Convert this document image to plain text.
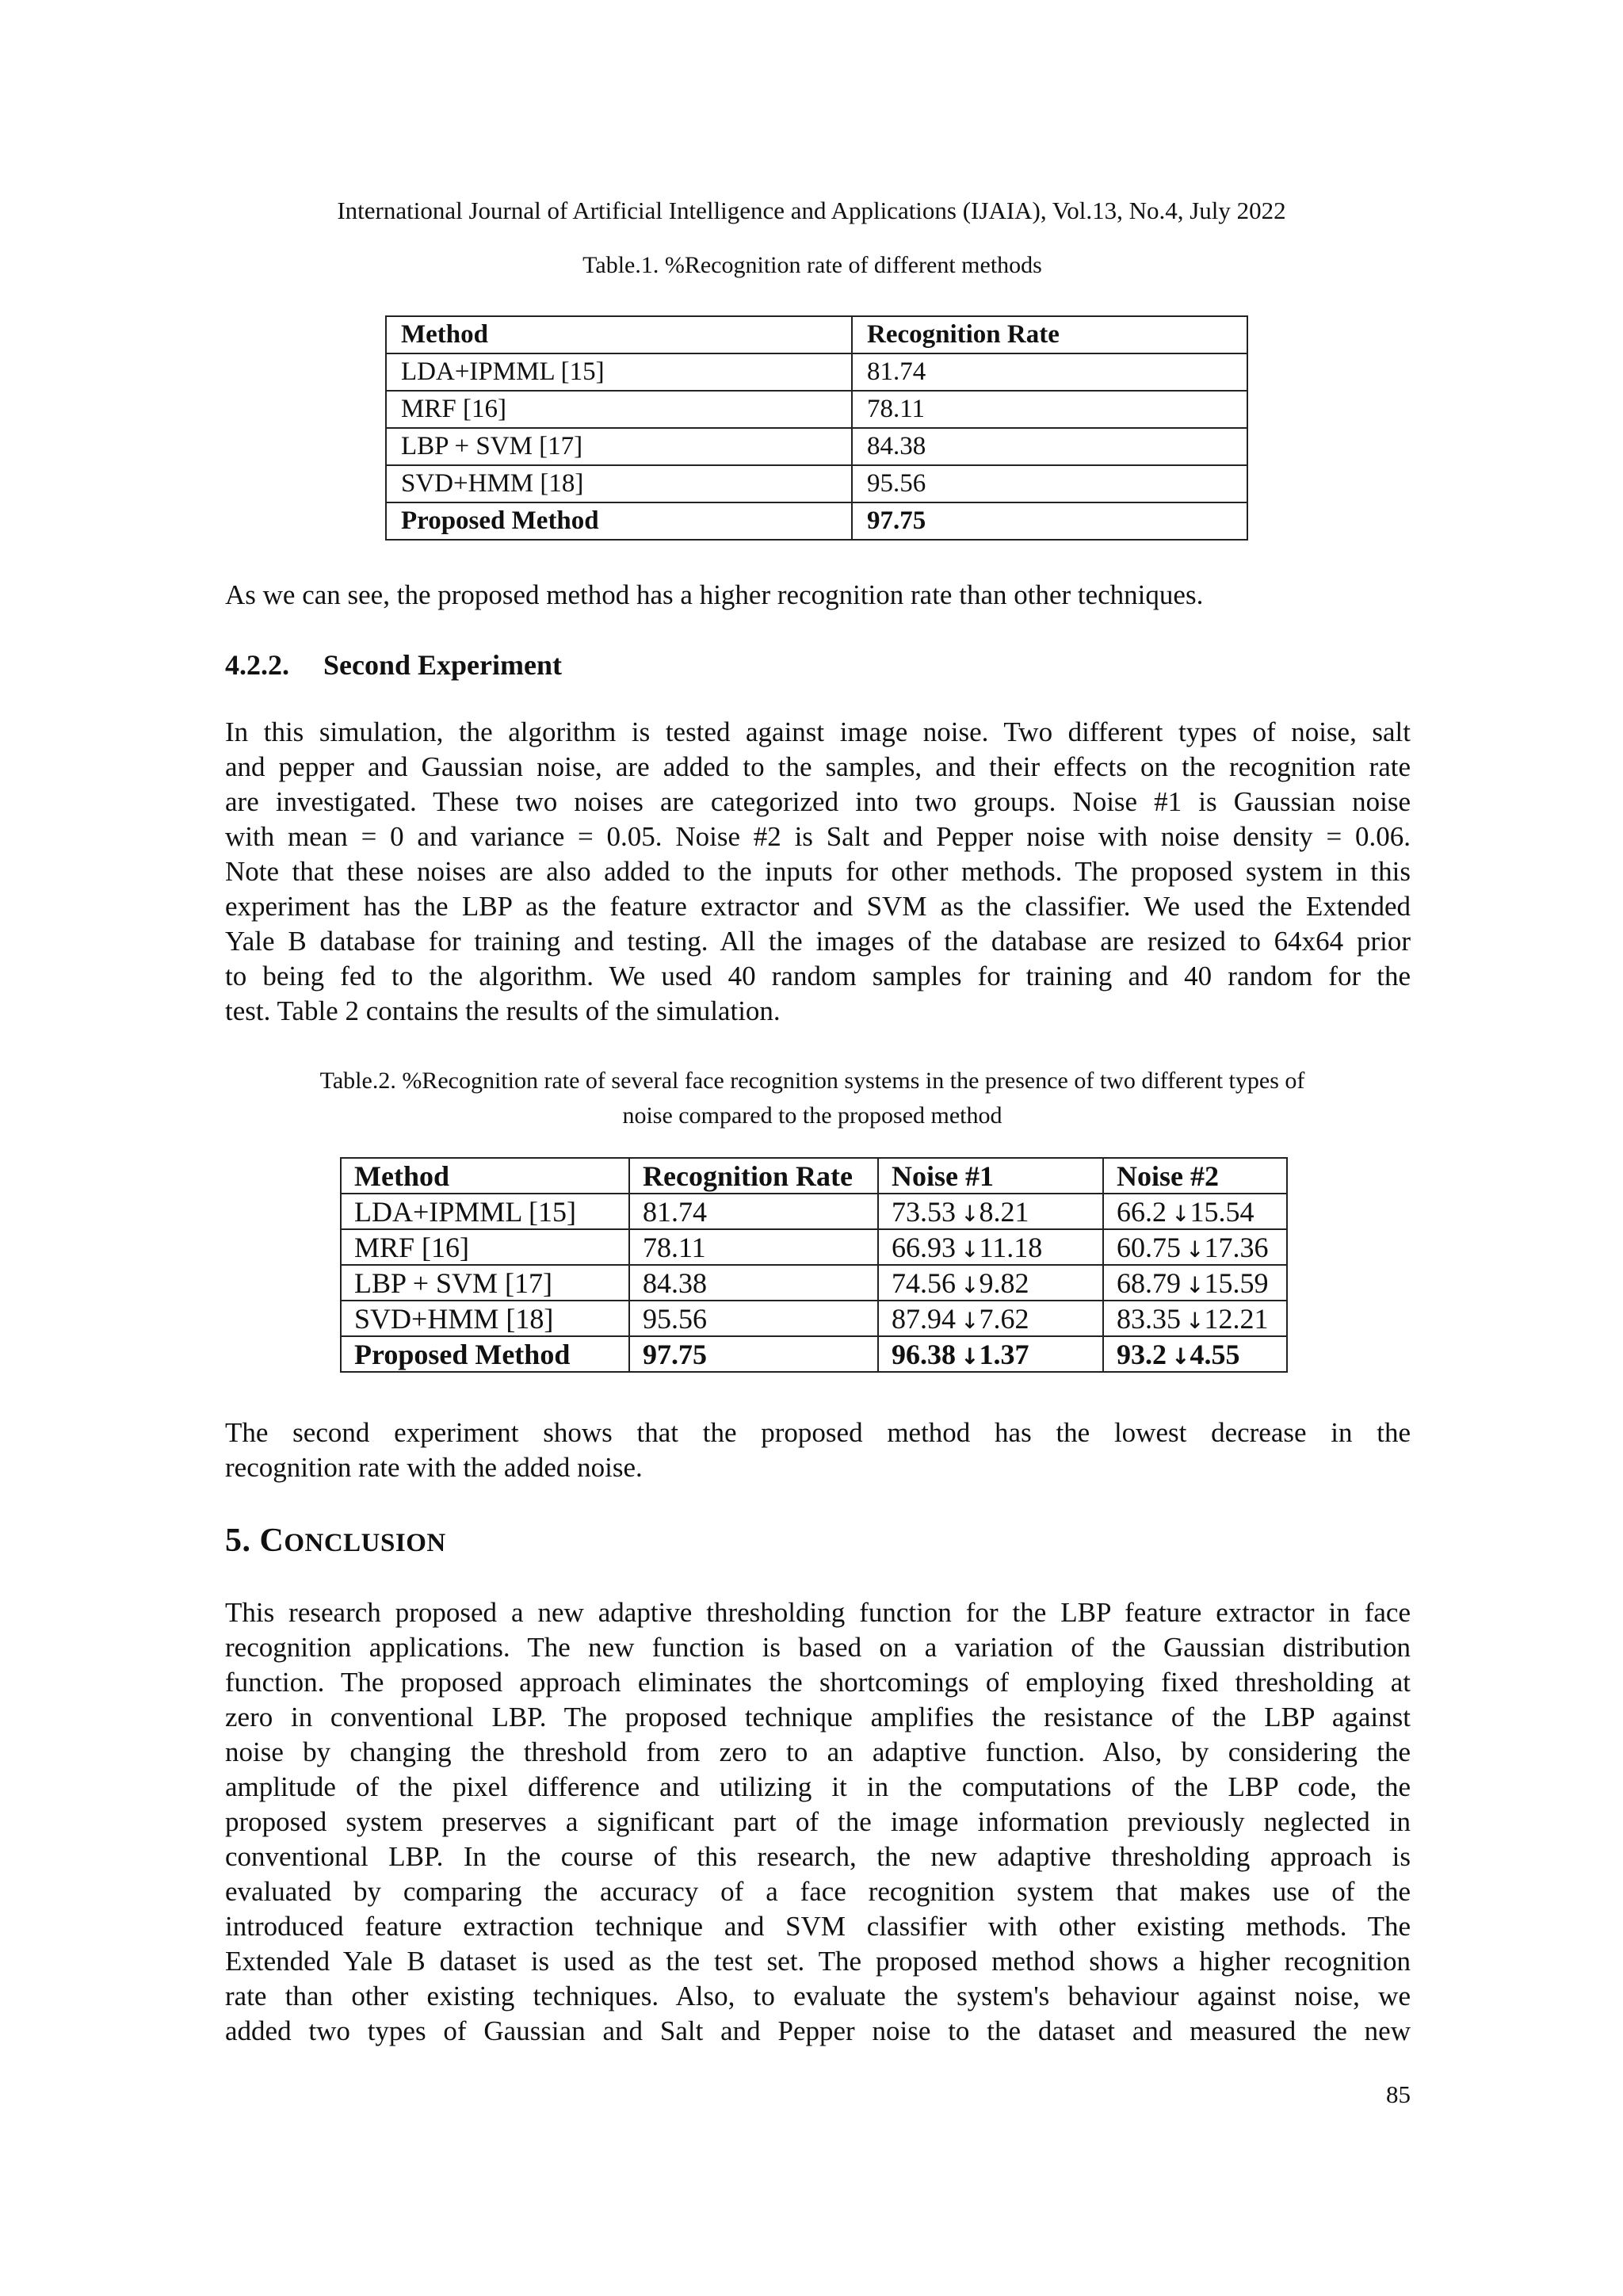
International Journal of Artificial Intelligence and Applications (IJAIA), Vol.13, No.4, July 2022
Table.1. %Recognition rate of different methods
Method	Recognition Rate
LDA+IPMML [15]	81.74
MRF [16]	78.11
LBP + SVM [17]	84.38
SVD+HMM [18]	95.56
Proposed Method	97.75
As we can see, the proposed method has a higher recognition rate than other techniques.
4.2.2. Second Experiment
In this simulation, the algorithm is tested against image noise. Two different types of noise, salt
and pepper and Gaussian noise, are added to the samples, and their effects on the recognition rate
are investigated. These two noises are categorized into two groups. Noise #1 is Gaussian noise
with mean = 0 and variance = 0.05. Noise #2 is Salt and Pepper noise with noise density = 0.06.
Note that these noises are also added to the inputs for other methods. The proposed system in this
experiment has the LBP as the feature extractor and SVM as the classifier. We used the Extended
Yale B database for training and testing. All the images of the database are resized to 64x64 prior
to being fed to the algorithm. We used 40 random samples for training and 40 random for the
test. Table 2 contains the results of the simulation.
Table.2. %Recognition rate of several face recognition systems in the presence of two different types of
noise compared to the proposed method
Method	Recognition Rate	Noise #1	Noise #2
LDA+IPMML [15]	81.74	73.53 ↓8.21	66.2 ↓15.54
MRF [16]	78.11	66.93 ↓11.18	60.75 ↓17.36
LBP + SVM [17]	84.38	74.56 ↓9.82	68.79 ↓15.59
SVD+HMM [18]	95.56	87.94 ↓7.62	83.35 ↓12.21
Proposed Method	97.75	96.38 ↓1.37	93.2 ↓4.55
The second experiment shows that the proposed method has the lowest decrease in the
recognition rate with the added noise.
5. CONCLUSION
This research proposed a new adaptive thresholding function for the LBP feature extractor in face
recognition applications. The new function is based on a variation of the Gaussian distribution
function. The proposed approach eliminates the shortcomings of employing fixed thresholding at
zero in conventional LBP. The proposed technique amplifies the resistance of the LBP against
noise by changing the threshold from zero to an adaptive function. Also, by considering the
amplitude of the pixel difference and utilizing it in the computations of the LBP code, the
proposed system preserves a significant part of the image information previously neglected in
conventional LBP. In the course of this research, the new adaptive thresholding approach is
evaluated by comparing the accuracy of a face recognition system that makes use of the
introduced feature extraction technique and SVM classifier with other existing methods. The
Extended Yale B dataset is used as the test set. The proposed method shows a higher recognition
rate than other existing techniques. Also, to evaluate the system's behaviour against noise, we
added two types of Gaussian and Salt and Pepper noise to the dataset and measured the new
85
